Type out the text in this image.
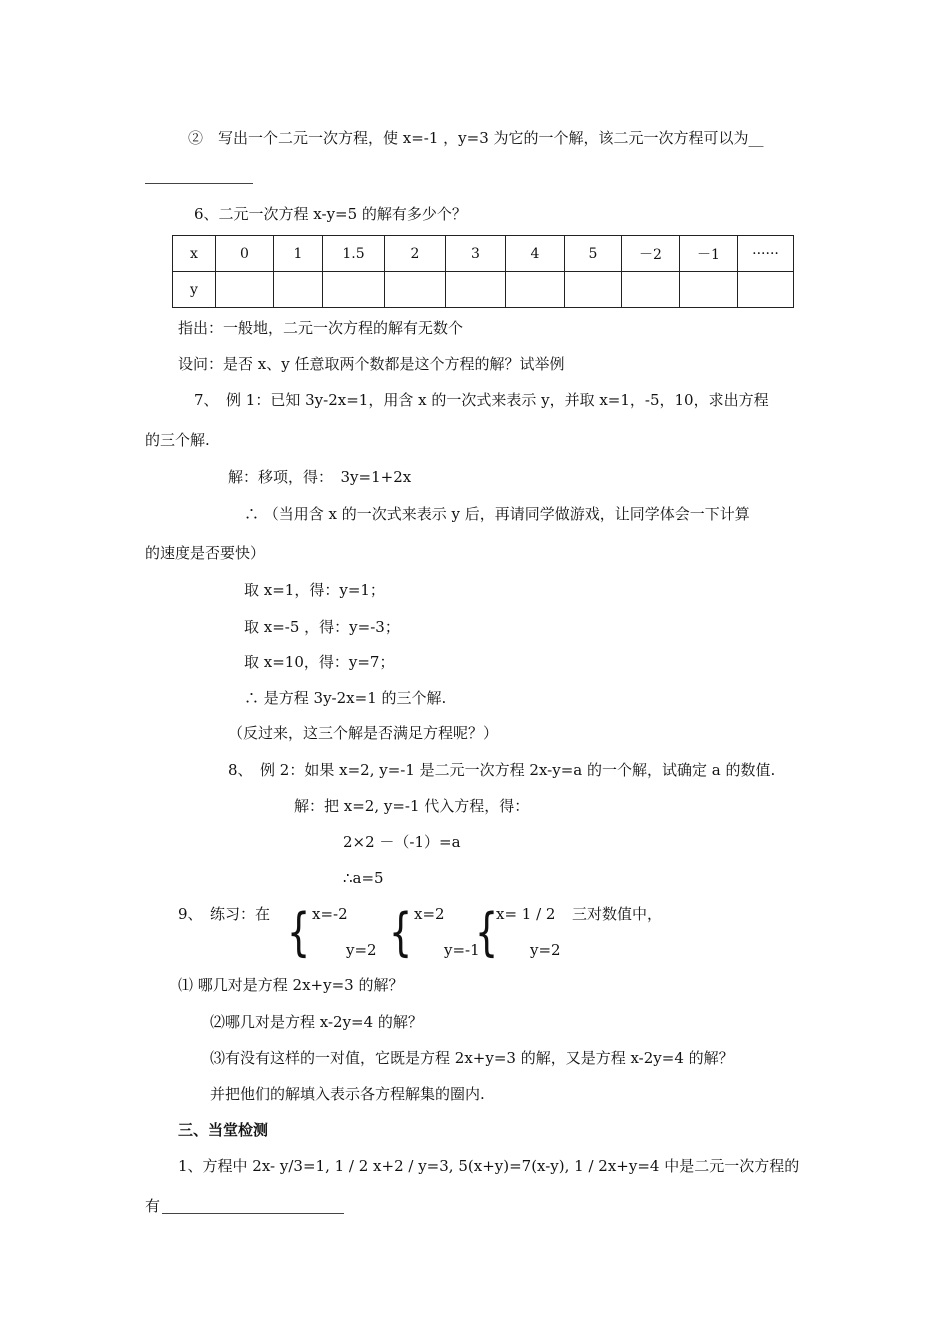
②　写出一个二元一次方程，使 x=-1 ，y=3 为它的一个解，该二元一次方程可以为__
6、二元一次方程 x-y=5 的解有多少个？
x	0	1	1.5	2	3	4	5	－2	－1	······
y										
指出：一般地，二元一次方程的解有无数个
设问：是否 x、y 任意取两个数都是这个方程的解？试举例
7、　例 1：已知 3y-2x=1，用含 x 的一次式来表示 y，并取 x=1，-5，10，求出方程
的三个解.
解：移项，得：　3y=1+2x
∴ （当用含 x 的一次式来表示 y 后，再请同学做游戏，让同学体会一下计算
的速度是否要快）
取 x=1，得：y=1；
取 x=-5 ，得：y=-3；
取 x=10，得：y=7；
∴ 是方程 3y-2x=1 的三个解.
（反过来，这三个解是否满足方程呢？）
8、　例 2：如果 x=2, y=-1 是二元一次方程 2x-y=a 的一个解，试确定 a 的数值.
解：把 x=2, y=-1 代入方程，得：
2×2 －（-1）=a
∴a=5
9、　练习：在 { x=-2
y=2 { x=2
y=-1
{
x= 1 / 2
y=2
三对数值中，
⑴ 哪几对是方程 2x+y=3 的解？
⑵哪几对是方程 x-2y=4 的解？
⑶有没有这样的一对值，它既是方程 2x+y=3 的解，又是方程 x-2y=4 的解？
并把他们的解填入表示各方程解集的圈内.
三、当堂检测
1、方程中 2x- y/3=1, 1 / 2 x+2 / y=3, 5(x+y)=7(x-y), 1 / 2x+y=4 中是二元一次方程的
有
